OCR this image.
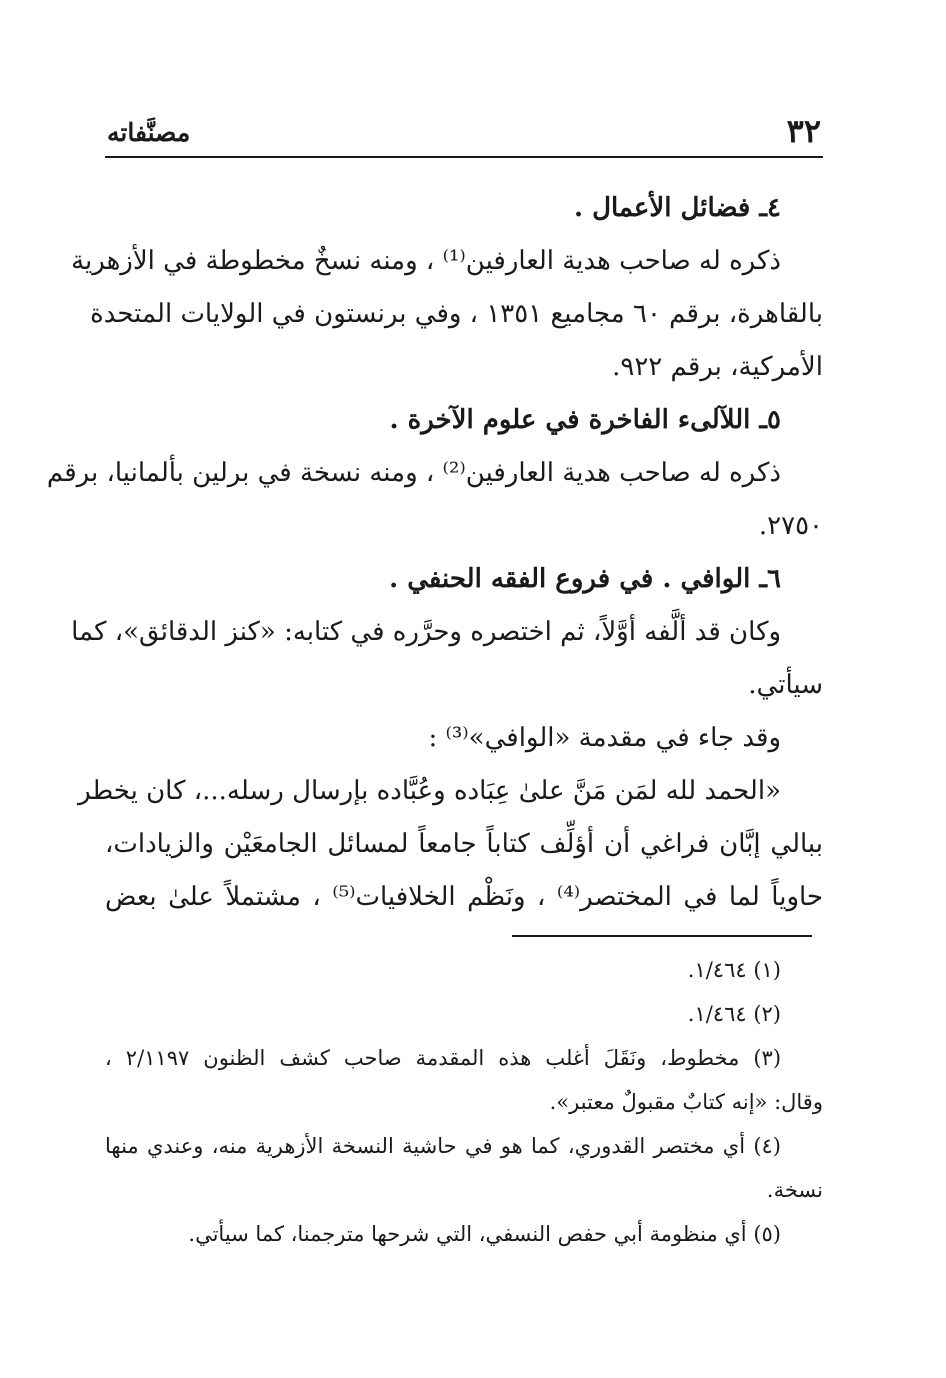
٣٢
مصنَّفاته
٤ـ فضائل الأعمال .
ذكره له صاحب هدية العارفين⁽¹⁾ ، ومنه نسخٌ مخطوطة في الأزهرية
بالقاهرة، برقم ٦٠ مجاميع ١٣٥١ ، وفي برنستون في الولايات المتحدة
الأمركية، برقم ٩٢٢.
٥ـ اللآلىء الفاخرة في علوم الآخرة .
ذكره له صاحب هدية العارفين⁽²⁾ ، ومنه نسخة في برلين بألمانيا، برقم
٢٧٥٠.
٦ـ الوافي . في فروع الفقه الحنفي .
وكان قد ألَّفه أوَّلاً، ثم اختصره وحرَّره في كتابه: «كنز الدقائق»، كما
سيأتي.
وقد جاء في مقدمة «الوافي»⁽³⁾ :
«الحمد لله لمَن مَنَّ علىٰ عِبَاده وعُبَّاده بإرسال رسله...، كان يخطر
ببالي إبَّان فراغي أن أؤلِّف كتاباً جامعاً لمسائل الجامعَيْن والزيادات،
حاوياً لما في المختصر⁽⁴⁾ ، ونَظْم الخلافيات⁽⁵⁾ ، مشتملاً علىٰ بعض
(١) ١/٤٦٤.
(٢) ١/٤٦٤.
(٣) مخطوط، ونَقَلَ أغلب هذه المقدمة صاحب كشف الظنون ٢/١١٩٧ ،
وقال: «إنه كتابٌ مقبولٌ معتبر».
(٤) أي مختصر القدوري، كما هو في حاشية النسخة الأزهرية منه، وعندي منها
نسخة.
(٥) أي منظومة أبي حفص النسفي، التي شرحها مترجمنا، كما سيأتي.
